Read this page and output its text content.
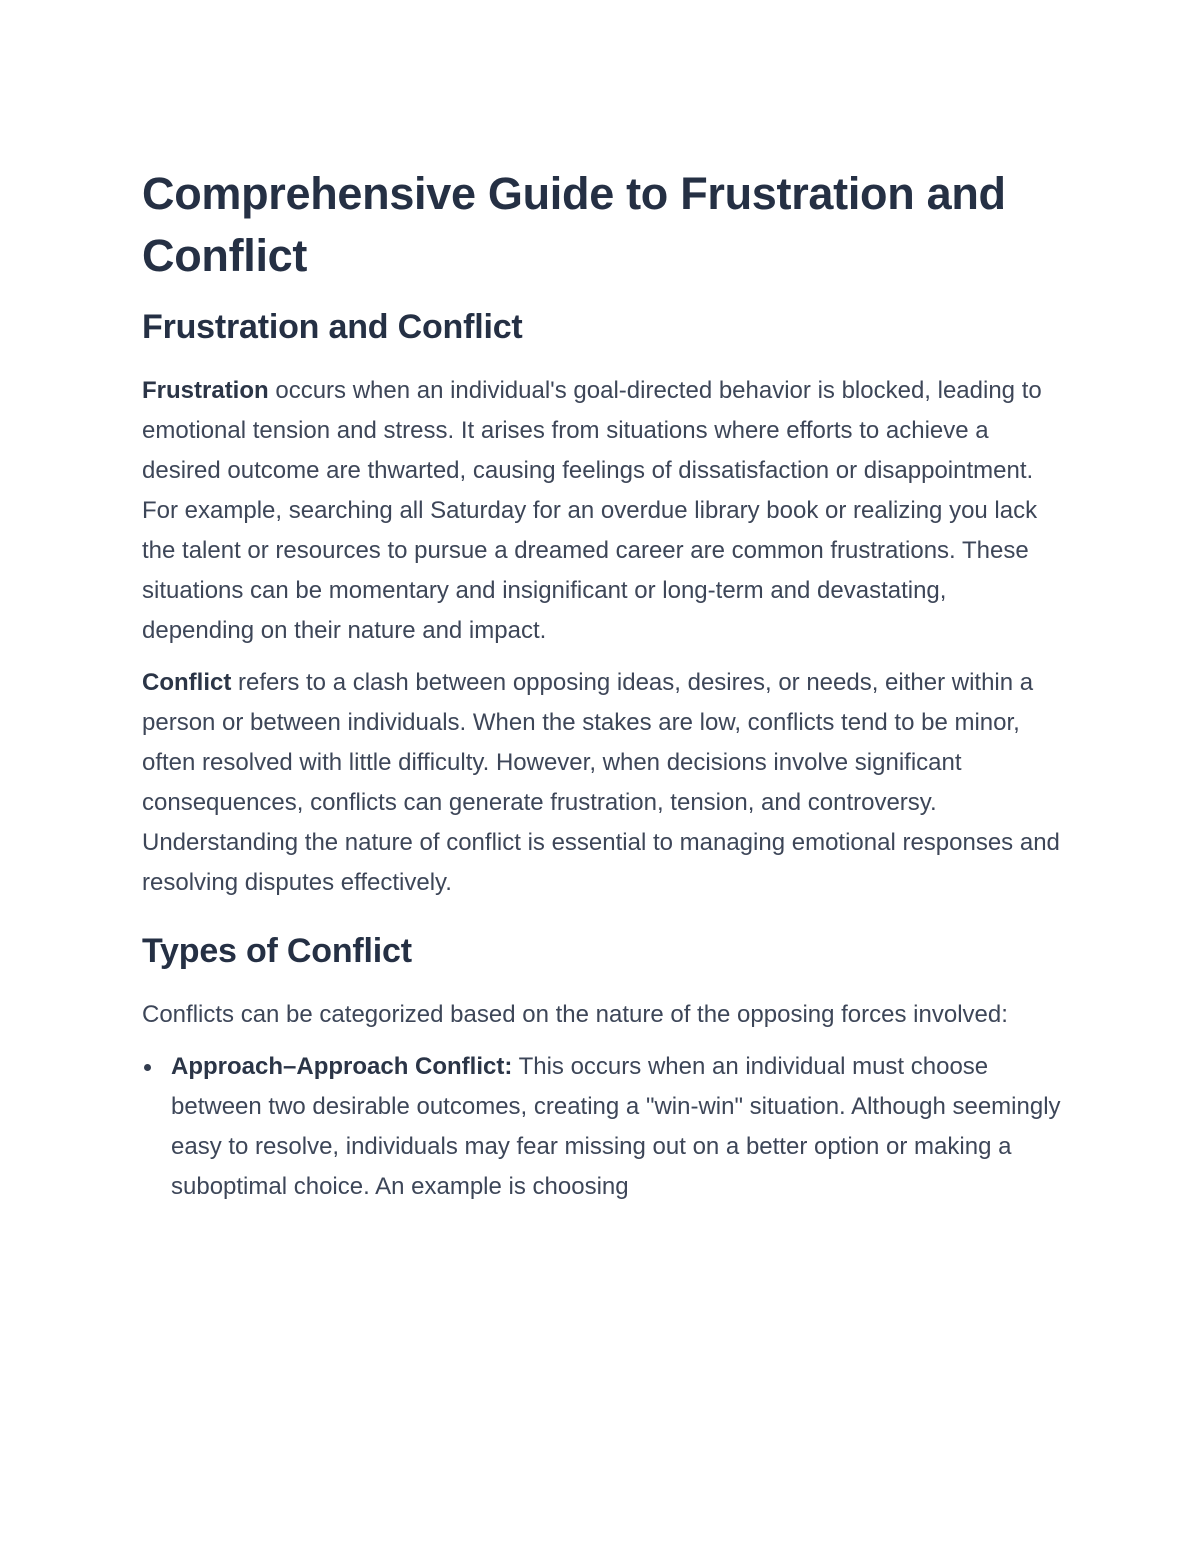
Comprehensive Guide to Frustration and Conflict
Frustration and Conflict

Frustration occurs when an individual's goal-directed behavior is blocked, leading to emotional tension and stress. It arises from situations where efforts to achieve a desired outcome are thwarted, causing feelings of dissatisfaction or disappointment. For example, searching all Saturday for an overdue library book or realizing you lack the talent or resources to pursue a dreamed career are common frustrations. These situations can be momentary and insignificant or long-term and devastating, depending on their nature and impact.

Conflict refers to a clash between opposing ideas, desires, or needs, either within a person or between individuals. When the stakes are low, conflicts tend to be minor, often resolved with little difficulty. However, when decisions involve significant consequences, conflicts can generate frustration, tension, and controversy. Understanding the nature of conflict is essential to managing emotional responses and resolving disputes effectively.

Types of Conflict

Conflicts can be categorized based on the nature of the opposing forces involved:

Approach–Approach Conflict: This occurs when an individual must choose between two desirable outcomes, creating a "win-win" situation. Although seemingly easy to resolve, individuals may fear missing out on a better option or making a suboptimal choice. An example is choosing
